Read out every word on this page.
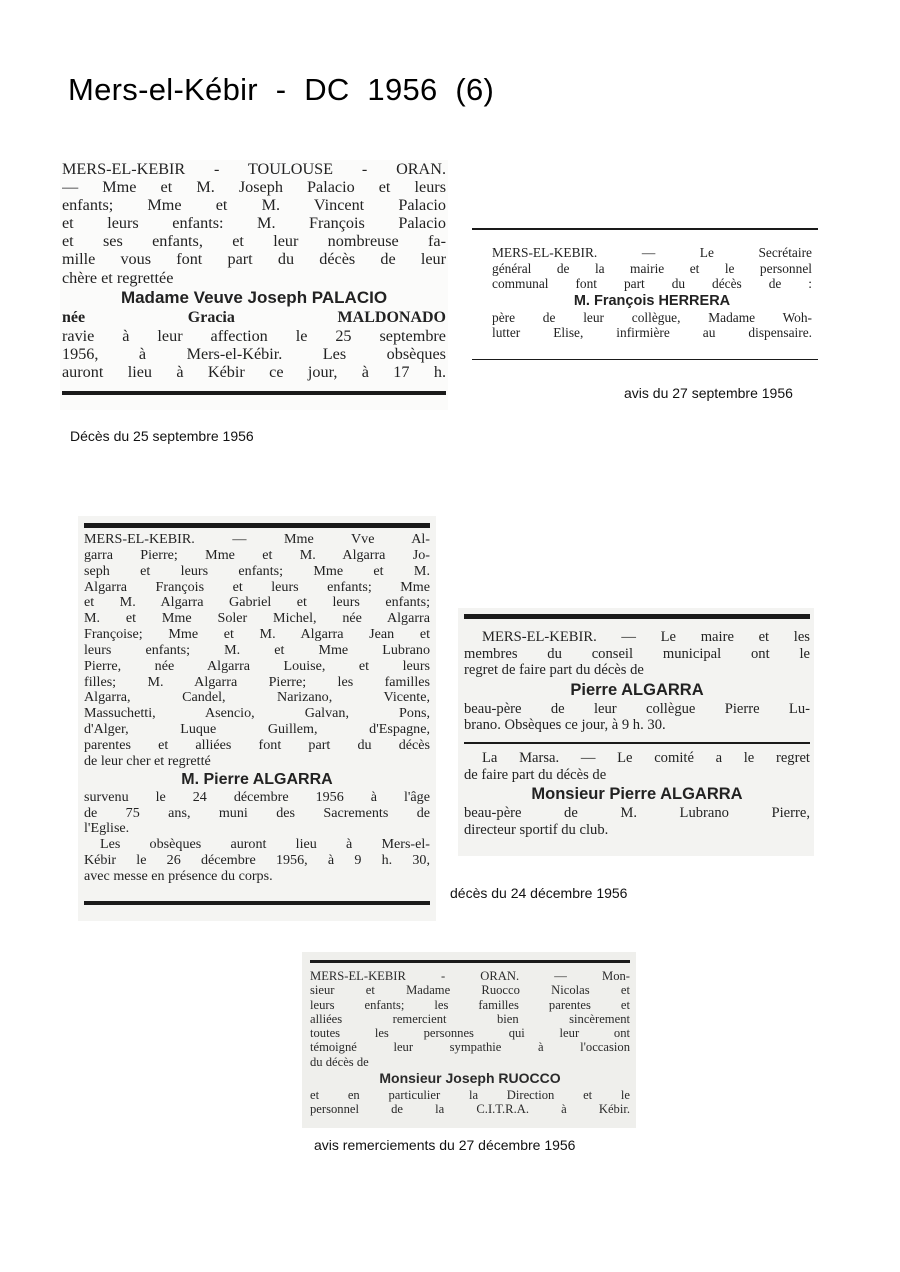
Mers-el-Kébir  -  DC  1956  (6)
MERS-EL-KEBIR - TOULOUSE - ORAN.
— Mme et M. Joseph Palacio et leurs
enfants; Mme et M. Vincent Palacio
et leurs enfants: M. François Palacio
et ses enfants, et leur nombreuse fa-
mille vous font part du décès de leur
chère et regrettée
Madame Veuve Joseph PALACIO
née Gracia MALDONADO
ravie à leur affection le 25 septembre
1956, à Mers-el-Kébir. Les obsèques
auront lieu à Kébir ce jour, à 17 h.
Décès du 25 septembre 1956
MERS-EL-KEBIR. — Le Secrétaire
général de la mairie et le personnel
communal font part du décès de :
M. François HERRERA
père de leur collègue, Madame Woh-
lutter Elise, infirmière au dispensaire.
avis du 27 septembre 1956
MERS-EL-KEBIR. — Mme Vve Al-
garra Pierre; Mme et M. Algarra Jo-
seph et leurs enfants; Mme et M.
Algarra François et leurs enfants; Mme
et M. Algarra Gabriel et leurs enfants;
M. et Mme Soler Michel, née Algarra
Françoise; Mme et M. Algarra Jean et
leurs enfants; M. et Mme Lubrano
Pierre, née Algarra Louise, et leurs
filles; M. Algarra Pierre; les familles
Algarra, Candel, Narizano, Vicente,
Massuchetti, Asencio, Galvan, Pons,
d'Alger, Luque Guillem, d'Espagne,
parentes et alliées font part du décès
de leur cher et regretté
M. Pierre ALGARRA
survenu le 24 décembre 1956 à l'âge
de 75 ans, muni des Sacrements de
l'Eglise.
Les obsèques auront lieu à Mers-el-
Kébir le 26 décembre 1956, à 9 h. 30,
avec messe en présence du corps.
MERS-EL-KEBIR. — Le maire et les
membres du conseil municipal ont le
regret de faire part du décès de
Pierre ALGARRA
beau-père de leur collègue Pierre Lu-
brano. Obsèques ce jour, à 9 h. 30.
La Marsa. — Le comité a le regret
de faire part du décès de
Monsieur Pierre ALGARRA
beau-père de M. Lubrano Pierre,
directeur sportif du club.
décès du 24 décembre 1956
MERS-EL-KEBIR - ORAN. — Mon-
sieur et Madame Ruocco Nicolas et
leurs enfants; les familles parentes et
alliées remercient bien sincèrement
toutes les personnes qui leur ont
témoigné leur sympathie à l'occasion
du décès de
Monsieur Joseph RUOCCO
et en particulier la Direction et le
personnel de la C.I.T.R.A. à Kébir.
avis remerciements du 27 décembre 1956
